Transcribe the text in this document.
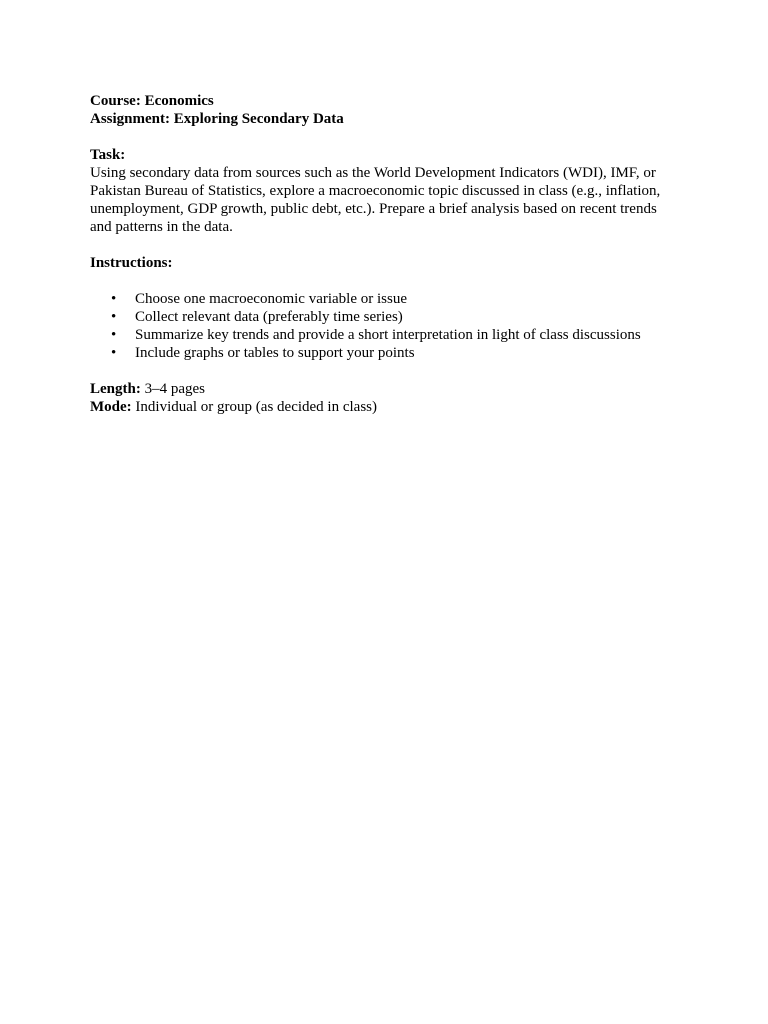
Course: Economics
Assignment: Exploring Secondary Data
Task:

Using secondary data from sources such as the World Development Indicators (WDI), IMF, or Pakistan Bureau of Statistics, explore a macroeconomic topic discussed in class (e.g., inflation, unemployment, GDP growth, public debt, etc.). Prepare a brief analysis based on recent trends and patterns in the data.

Instructions:
• Choose one macroeconomic variable or issue
• Collect relevant data (preferably time series)
• Summarize key trends and provide a short interpretation in light of class discussions
• Include graphs or tables to support your points
Length: 3–4 pages
Mode: Individual or group (as decided in class)
